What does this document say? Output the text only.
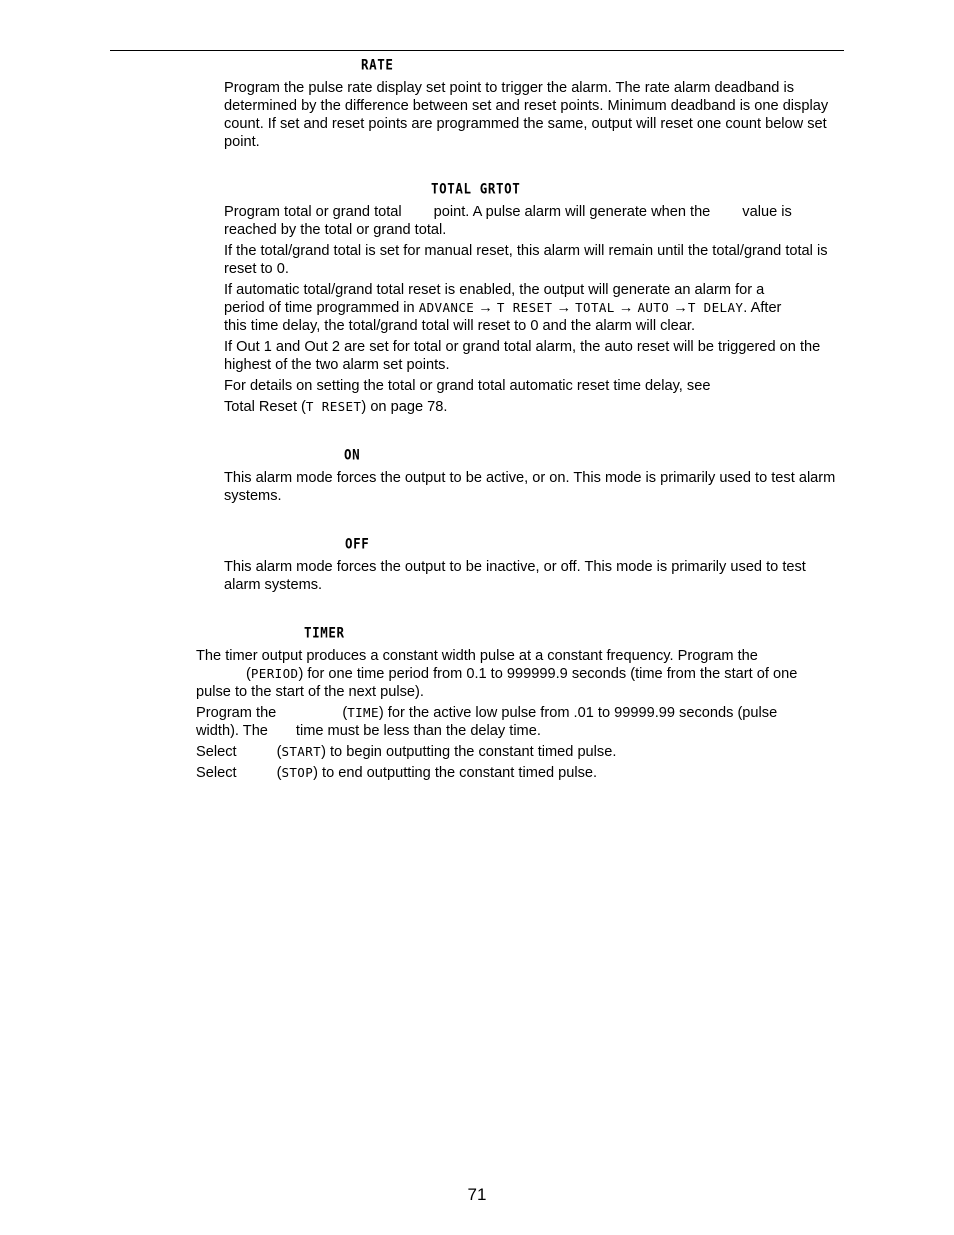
RATE
Program the pulse rate display set point to trigger the alarm. The rate alarm deadband is determined by the difference between set and reset points. Minimum deadband is one display count. If set and reset points are programmed the same, output will reset one count below set point.
TOTAL GRTOT
Program total or grand total point. A pulse alarm will generate when the value is
reached by the total or grand total.
If the total/grand total is set for manual reset, this alarm will remain until the total/grand total is reset to 0.
If automatic total/grand total reset is enabled, the output will generate an alarm for a
period of time programmed in ADVANCE → T RESET → TOTAL → AUTO →T DELAY. After
this time delay, the total/grand total will reset to 0 and the alarm will clear.
If Out 1 and Out 2 are set for total or grand total alarm, the auto reset will be triggered on the highest of the two alarm set points.
For details on setting the total or grand total automatic reset time delay, see
Total Reset (T RESET) on page 78.
ON
This alarm mode forces the output to be active, or on. This mode is primarily used to test alarm systems.
OFF
This alarm mode forces the output to be inactive, or off. This mode is primarily used to test alarm systems.
TIMER
The timer output produces a constant width pulse at a constant frequency. Program the
(PERIOD) for one time period from 0.1 to 999999.9 seconds (time from the start of one
pulse to the start of the next pulse).
Program the	(TIME) for the active low pulse from .01 to 99999.99 seconds (pulse
width). The time must be less than the delay time.
Select	(START) to begin outputting the constant timed pulse.
Select	(STOP) to end outputting the constant timed pulse.
71
